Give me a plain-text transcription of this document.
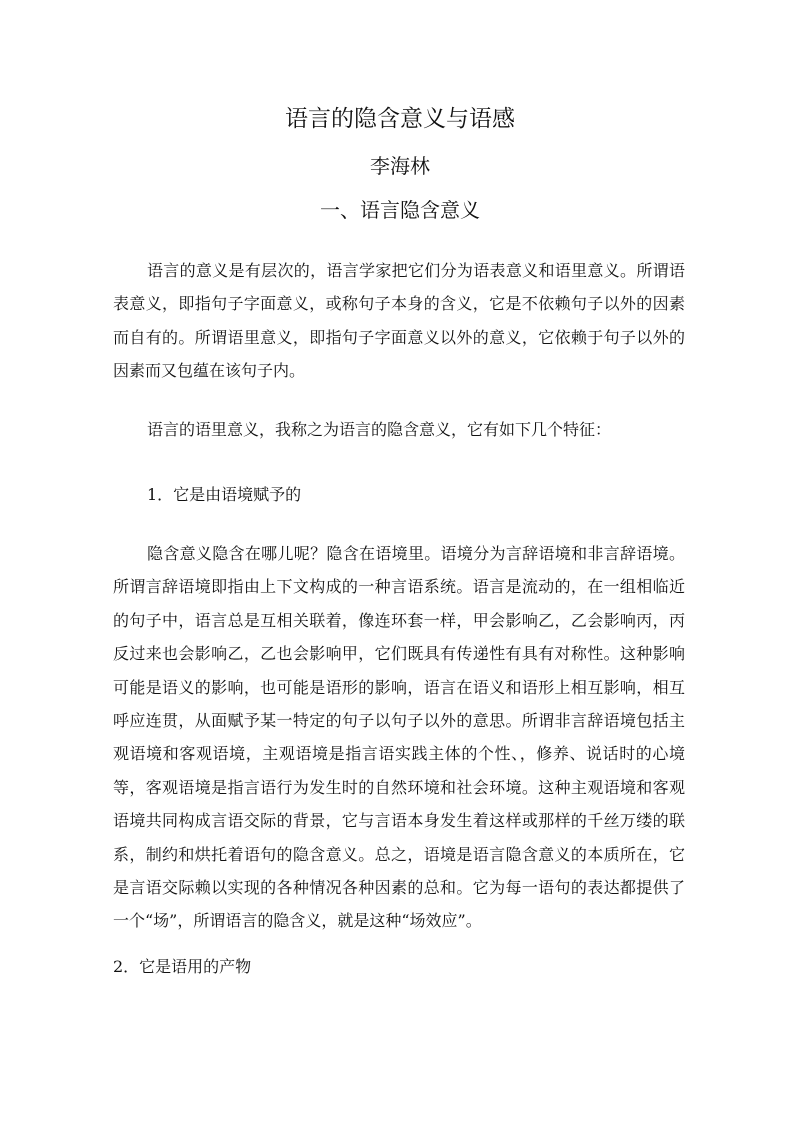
语言的隐含意义与语感
李海林
一、语言隐含意义

语言的意义是有层次的，语言学家把它们分为语表意义和语里意义。所谓语表意义，即指句子字面意义，或称句子本身的含义，它是不依赖句子以外的因素而自有的。所谓语里意义，即指句子字面意义以外的意义，它依赖于句子以外的因素而又包蕴在该句子内。

语言的语里意义，我称之为语言的隐含意义，它有如下几个特征：

1．它是由语境赋予的

隐含意义隐含在哪儿呢？隐含在语境里。语境分为言辞语境和非言辞语境。所谓言辞语境即指由上下文构成的一种言语系统。语言是流动的，在一组相临近的句子中，语言总是互相关联着，像连环套一样，甲会影响乙，乙会影响丙，丙反过来也会影响乙，乙也会影响甲，它们既具有传递性有具有对称性。这种影响可能是语义的影响，也可能是语形的影响，语言在语义和语形上相互影响，相互呼应连贯，从面赋予某一特定的句子以句子以外的意思。所谓非言辞语境包括主观语境和客观语境，主观语境是指言语实践主体的个性、，修养、说话时的心境等，客观语境是指言语行为发生时的自然环境和社会环境。这种主观语境和客观语境共同构成言语交际的背景，它与言语本身发生着这样或那样的千丝万缕的联系，制约和烘托着语句的隐含意义。总之，语境是语言隐含意义的本质所在，它是言语交际赖以实现的各种情况各种因素的总和。它为每一语句的表达都提供了一个“场”，所谓语言的隐含义，就是这种“场效应”。

2．它是语用的产物
